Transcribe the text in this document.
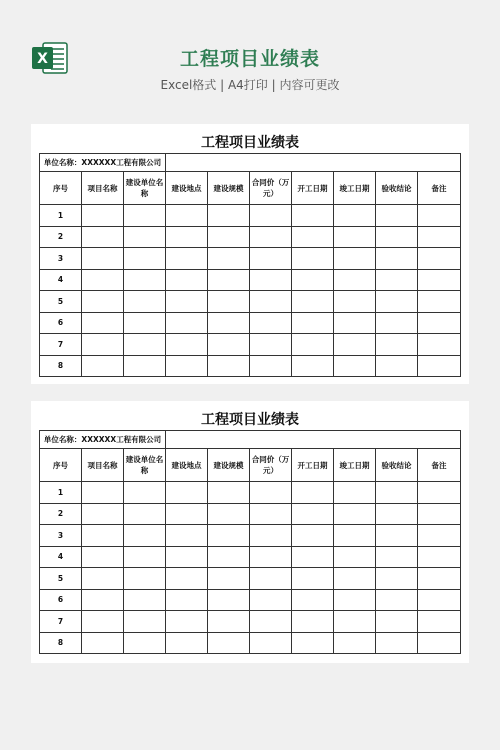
X	工程项目业绩表
Excel格式 | A4打印 | 内容可更改
工程项目业绩表
单位名称：XXXXXX工程有限公司									
序号	项目名称	建设单位名称	建设地点	建设规模	合同价（万元）	开工日期	竣工日期	验收结论	备注
1									
2									
3									
4									
5									
6									
7									
8									
工程项目业绩表
单位名称：XXXXXX工程有限公司									
序号	项目名称	建设单位名称	建设地点	建设规模	合同价（万元）	开工日期	竣工日期	验收结论	备注
1									
2									
3									
4									
5									
6									
7									
8									
